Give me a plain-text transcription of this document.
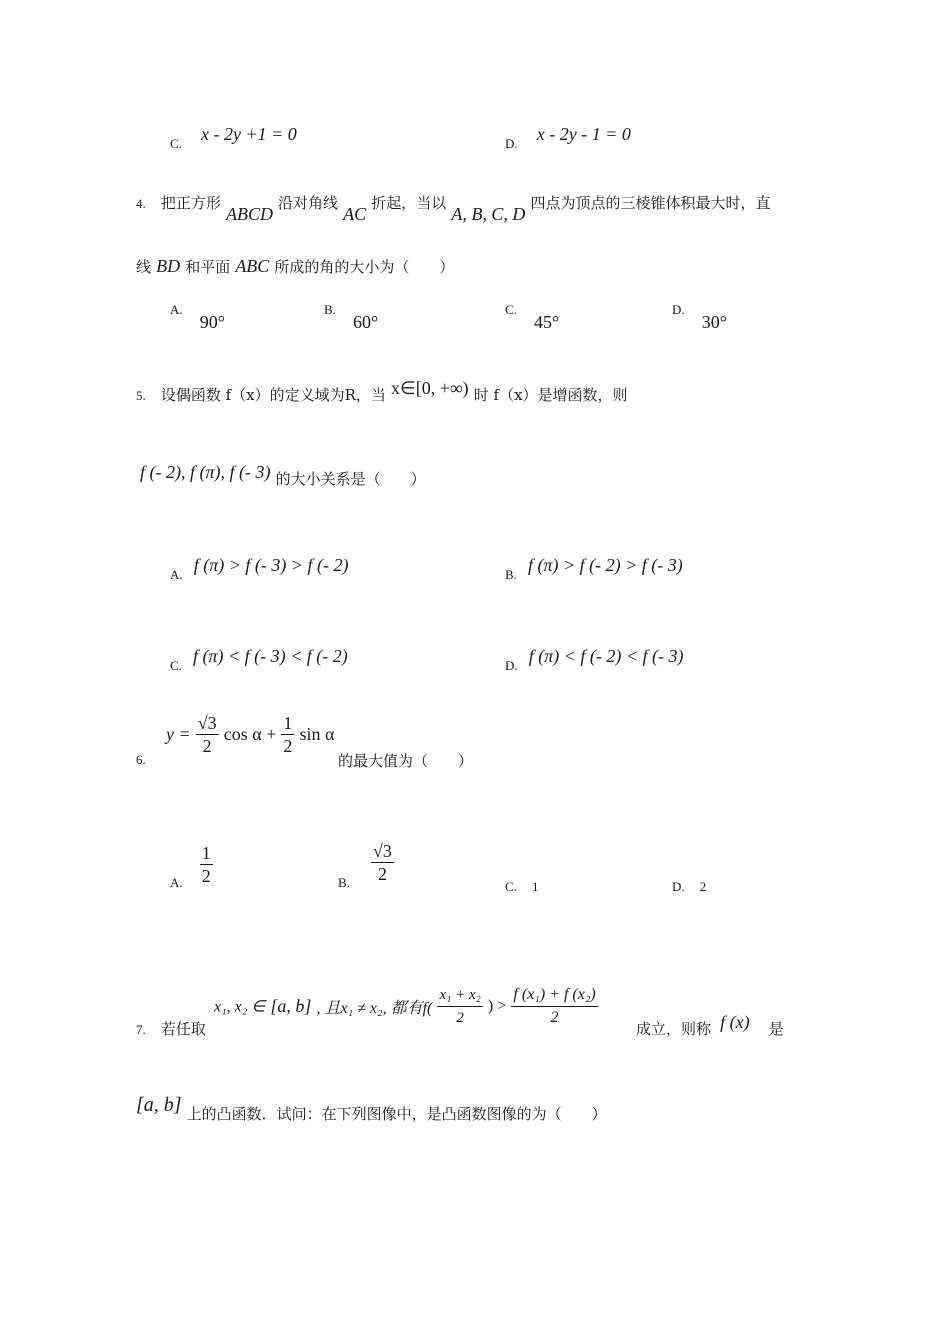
$_{C.}$ x - 2y +1 = 0	$_{D.}$ x - 2y - 1 = 0
4. 把正方形 ABCD 沿对角线 AC 折起，当以 A, B, C, D 四点为顶点的三棱锥体积最大时，直
线 BD 和平面 ABC 所成的角的大小为（　　）
A. 90°
B. 60°
C. 45°
D. 30°
5. 设偶函数 f（x）的定义域为R，当 x∈[0, +∞) 时 f（x）是增函数，则
f (- 2), f (π), f (- 3) 的大小关系是（　　）
$_{A.}$ f (π) > f (- 3) > f (- 2)	$_{B.}$ f (π) > f (- 2) > f (- 3)
$_{C.}$ f (π) < f (- 3) < f (- 2)	$_{D.}$ f (π) < f (- 2) < f (- 3)
6.
$y = \frac{√3}{2}$ $\cos \alpha + \frac{1}{2}$ sin α
的最大值为（　　）
$_{A.} \frac{1}{2}$	$_{B.} \frac{√3}{2}$
C. 1	D. 2
7. 若任取
x₁, x₂ ∈ [a, b] , 且x₁ ≠ x₂, 都有$f( \frac{\text{x₁ + x₂}}{2}$ ) > $\frac{\text{f (x₁) + f (x₂)}}{2}$	成立，则称 f (x) 是
[a, b] 上的凸函数．试问：在下列图像中，是凸函数图像的为（　　）
